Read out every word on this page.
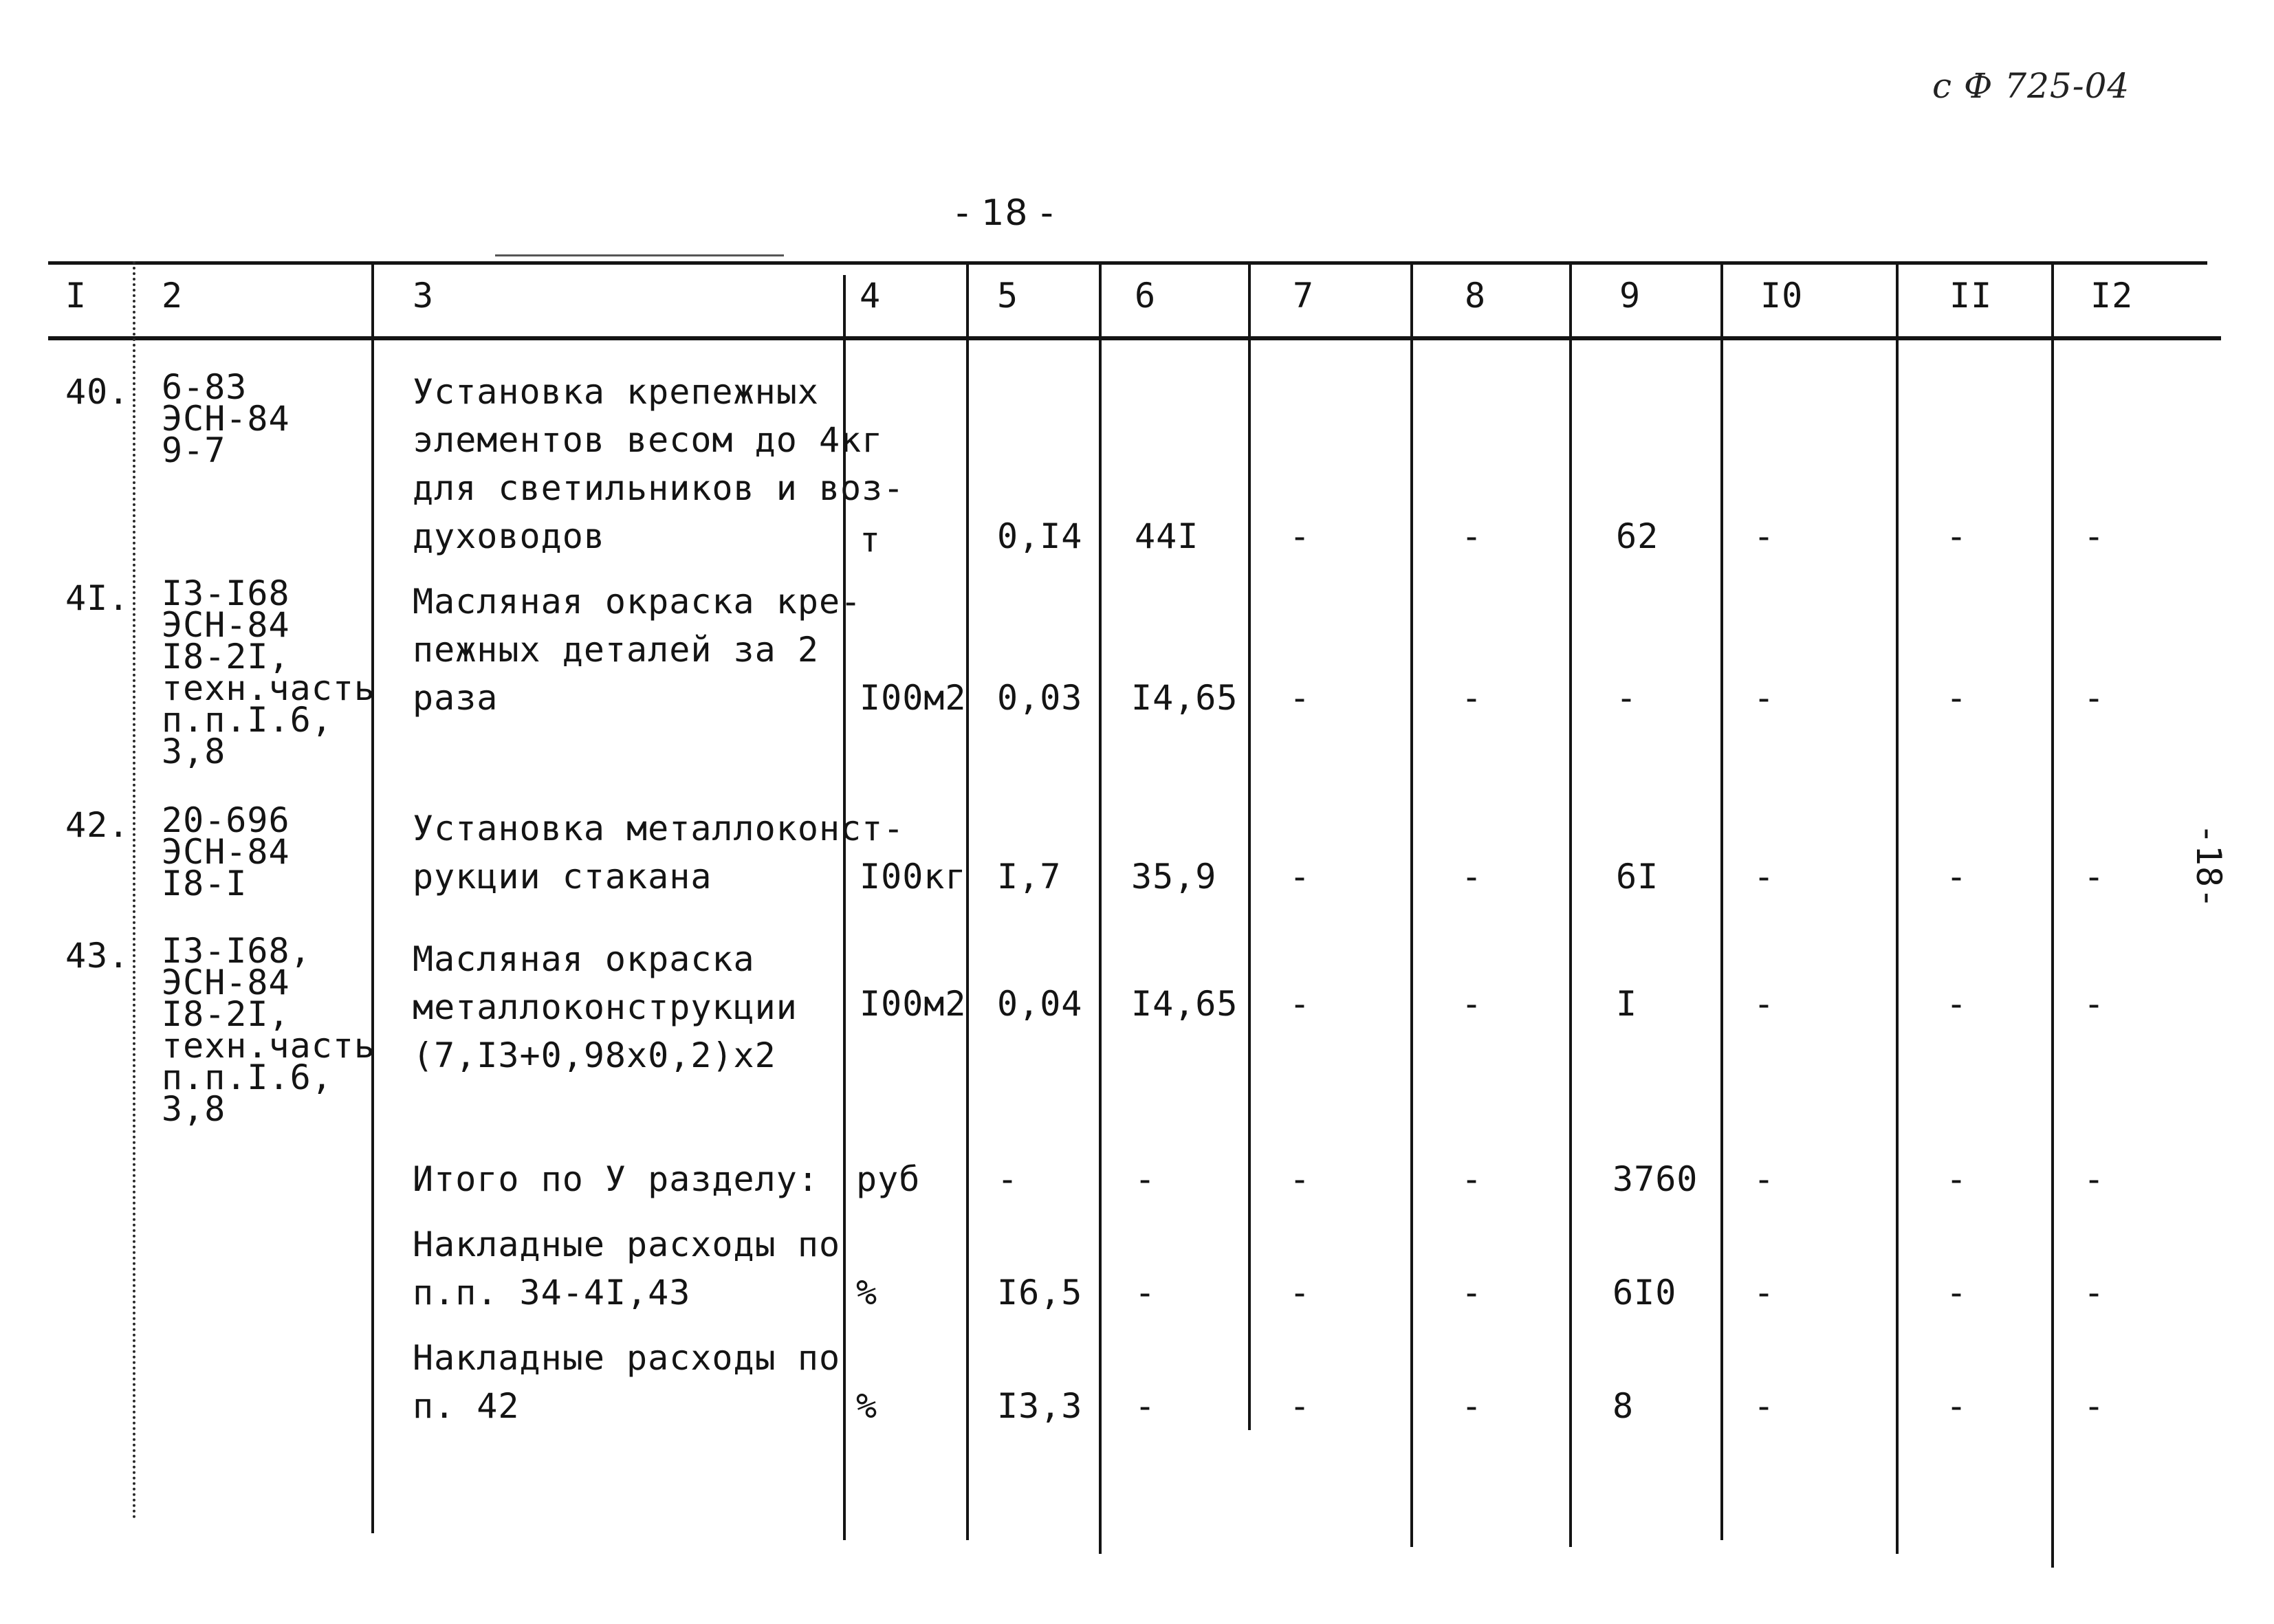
с Ф 725-04
- 18 -
-18-
I 2	3	4	5	6	7	8	9	I0	II	I2
40. 6-83
ЭСН-84
9-7
Установка крепежных
элементов весом до 4кг
для светильников и воз-
духоводов	т	0,I4 44I	-	-	62	-	-	-
4I. I3-I68
ЭСН-84
I8-2I,
техн.часть
п.п.I.6,
3,8
Масляная окраска кре-
пежных деталей за 2
раза	I00м2 0,03 I4,65 -	-	-	-	-	-
42. 20-696
ЭСН-84
I8-I
Установка металлоконст-
рукции стакана	I00кг I,7 35,9 -	-	6I	-	-	-
43. I3-I68,
ЭСН-84
I8-2I,
техн.часть
п.п.I.6,
3,8
Масляная окраска
металлоконструкции
(7,I3+0,98х0,2)х2
I00м2 0,04 I4,65 -	-	I	-	-	-
Итого по У разделу: руб -	-	-	-	3760 -	-	-
Накладные расходы по
п.п. 34-4I,43	%	I6,5 -	-	-	6I0 -	-	-
Накладные расходы по
п. 42	%	I3,3 -	-	-	8	-	-	-
